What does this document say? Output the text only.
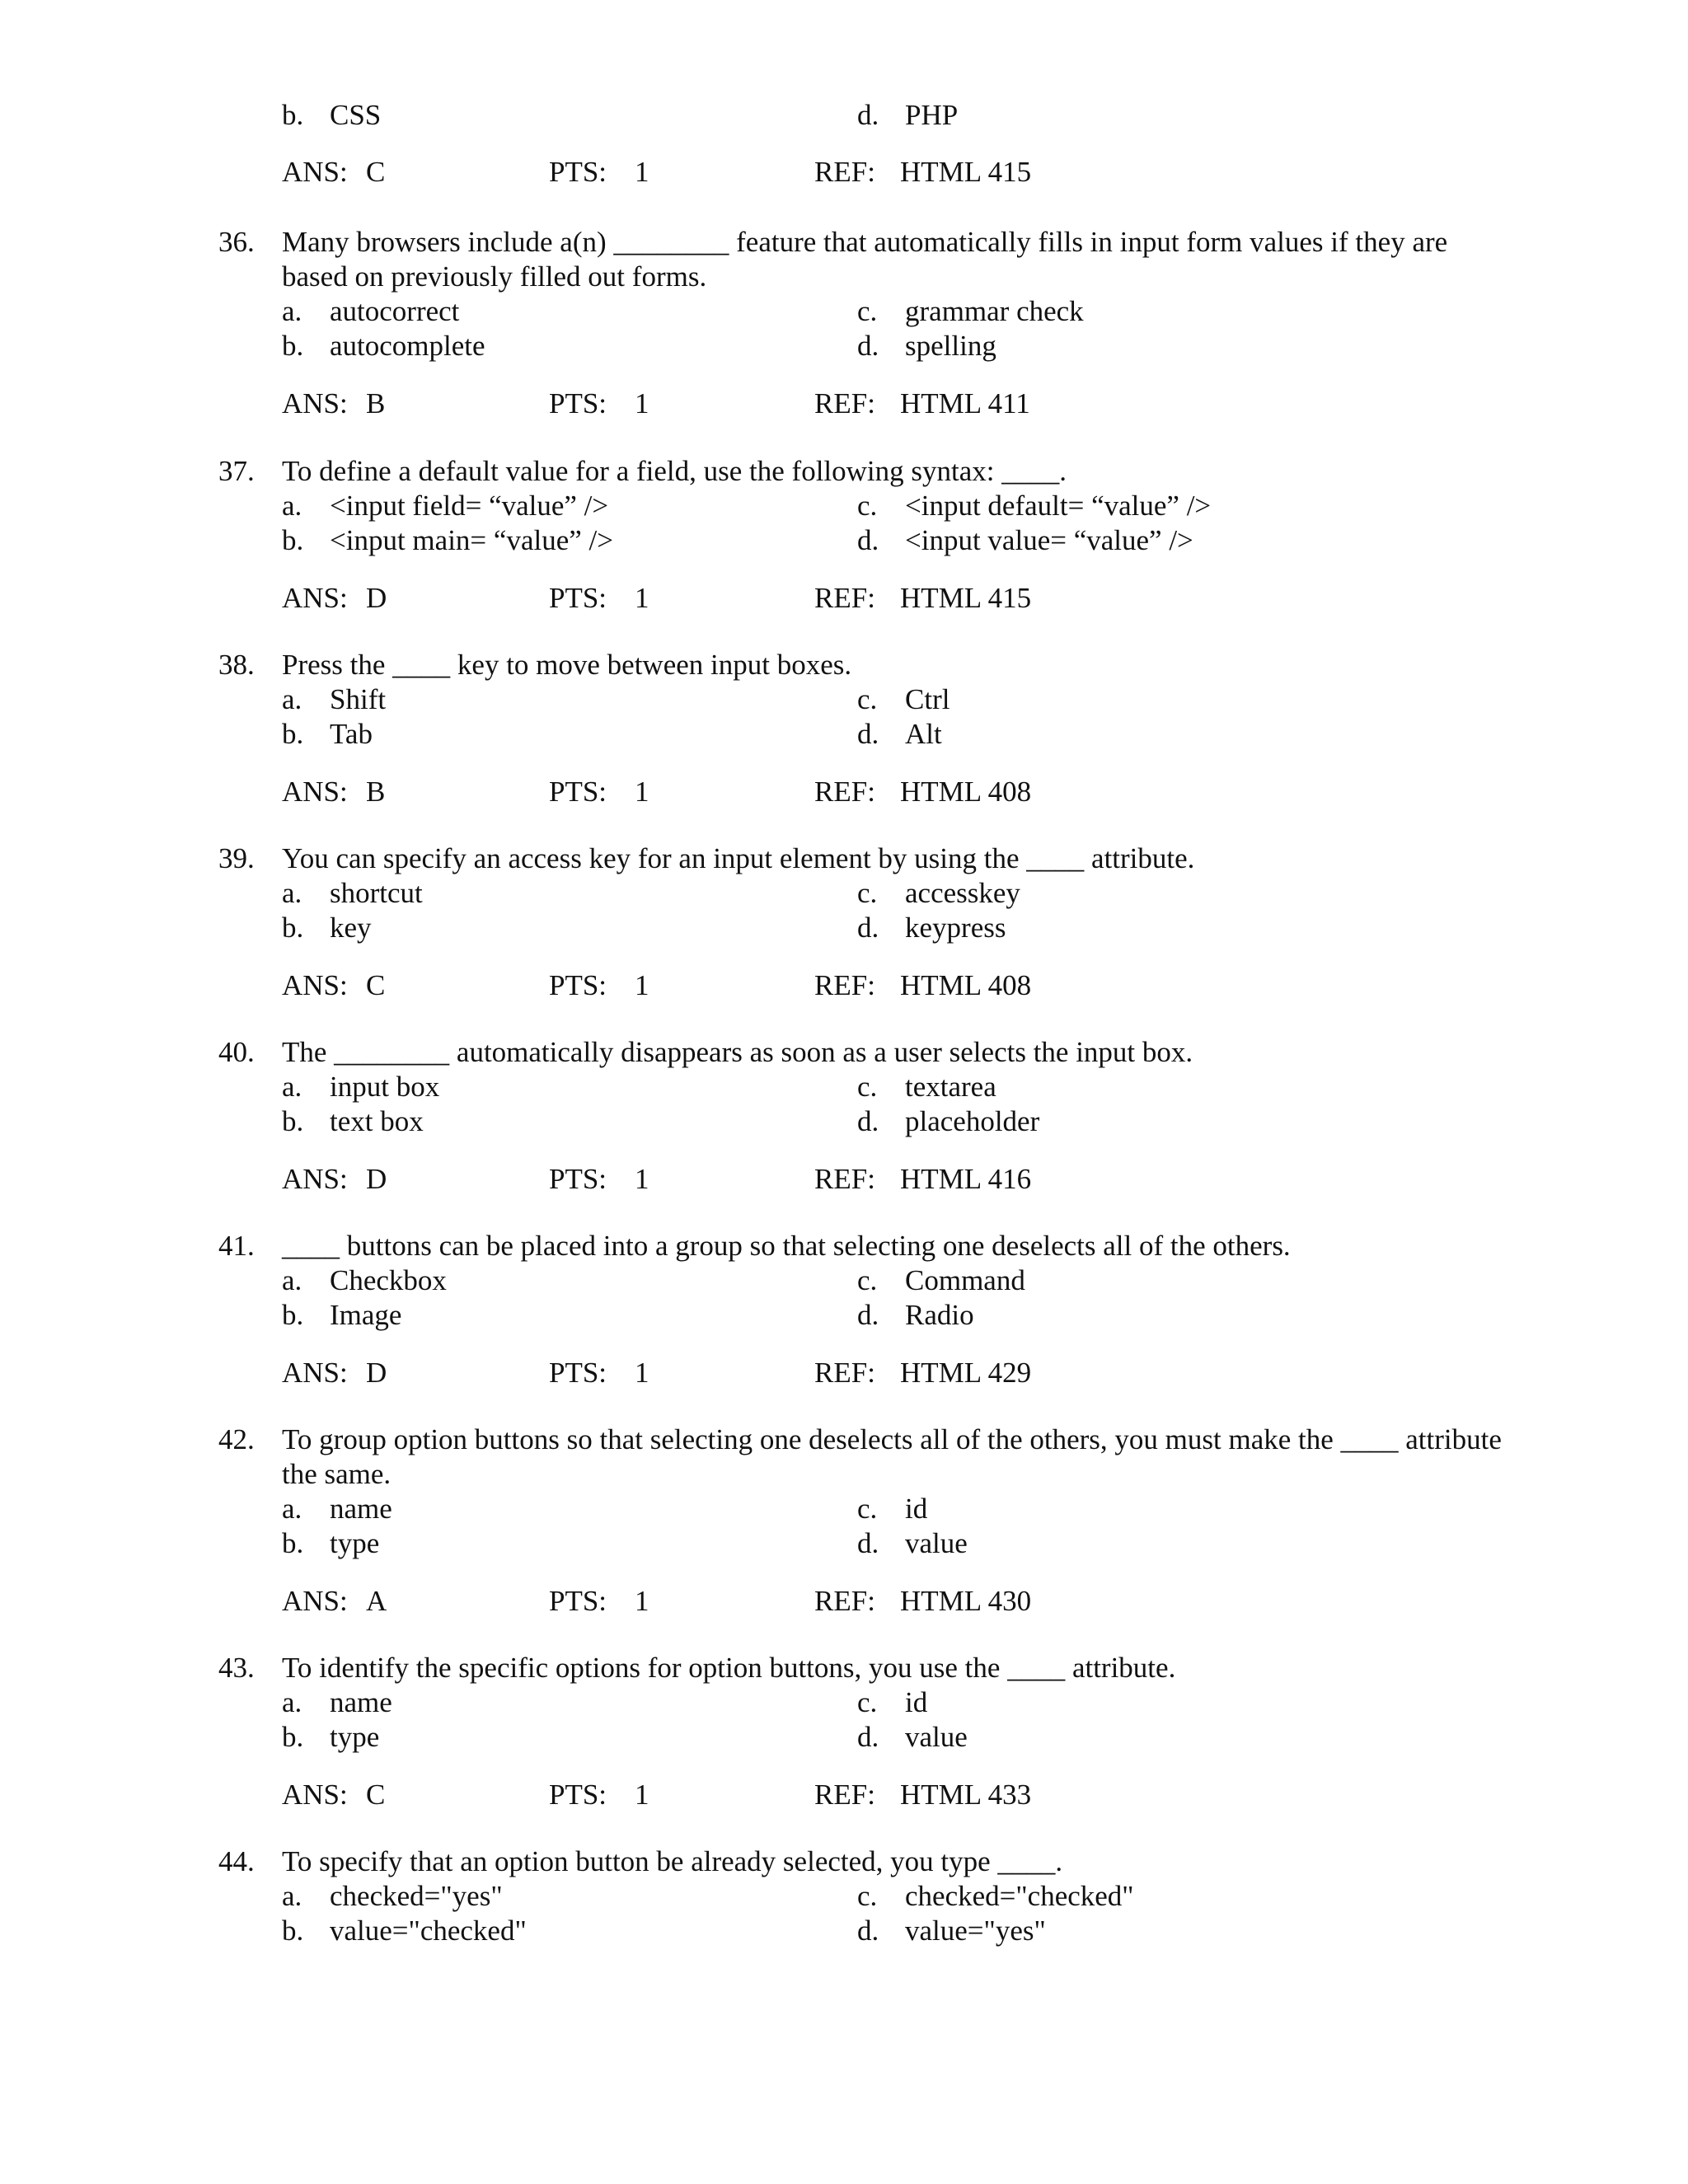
b. CSS	d. PHP
ANS: C	PTS: 1	REF: HTML 415
36. Many browsers include a(n) ________ feature that automatically fills in input form values if they are based on previously filled out forms.
a. autocorrect	c. grammar check
b. autocomplete	d. spelling
ANS: B	PTS: 1	REF: HTML 411
37. To define a default value for a field, use the following syntax: ____.
a. <input field= “value” />	c. <input default= “value” />
b. <input main= “value” />	d. <input value= “value” />
ANS: D	PTS: 1	REF: HTML 415
38. Press the ____ key to move between input boxes.
a. Shift	c. Ctrl
b. Tab	d. Alt
ANS: B	PTS: 1	REF: HTML 408
39. You can specify an access key for an input element by using the ____ attribute.
a. shortcut	c. accesskey
b. key	d. keypress
ANS: C	PTS: 1	REF: HTML 408
40. The ________ automatically disappears as soon as a user selects the input box.
a. input box	c. textarea
b. text box	d. placeholder
ANS: D	PTS: 1	REF: HTML 416
41. ____ buttons can be placed into a group so that selecting one deselects all of the others.
a. Checkbox	c. Command
b. Image	d. Radio
ANS: D	PTS: 1	REF: HTML 429
42. To group option buttons so that selecting one deselects all of the others, you must make the ____ attribute the same.
a. name	c. id
b. type	d. value
ANS: A	PTS: 1	REF: HTML 430
43. To identify the specific options for option buttons, you use the ____ attribute.
a. name	c. id
b. type	d. value
ANS: C	PTS: 1	REF: HTML 433
44. To specify that an option button be already selected, you type ____.
a. checked="yes"	c. checked="checked"
b. value="checked"	d. value="yes"
